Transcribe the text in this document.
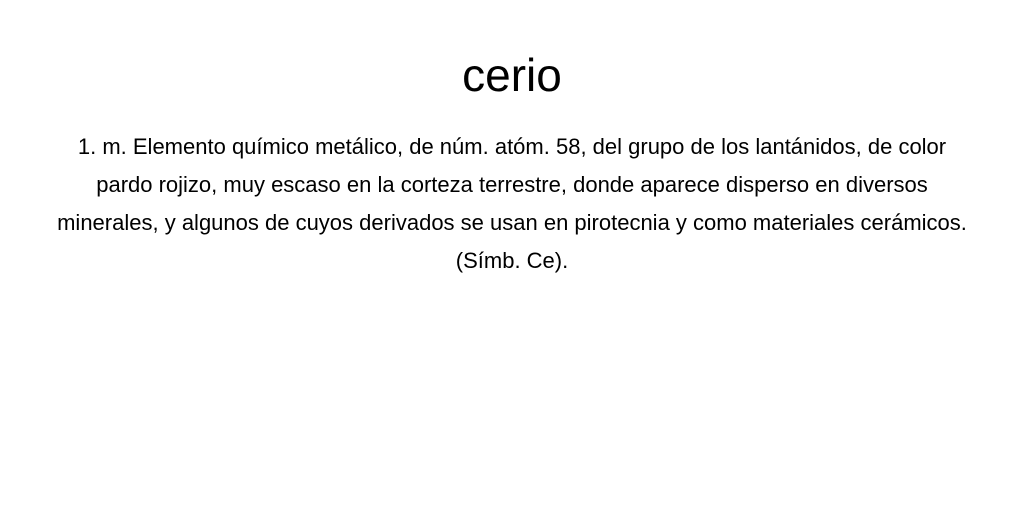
cerio

1. m. Elemento químico metálico, de núm. atóm. 58, del grupo de los lantánidos, de color pardo rojizo, muy escaso en la corteza terrestre, donde aparece disperso en diversos minerales, y algunos de cuyos derivados se usan en pirotecnia y como materiales cerámicos. (Símb. Ce).
